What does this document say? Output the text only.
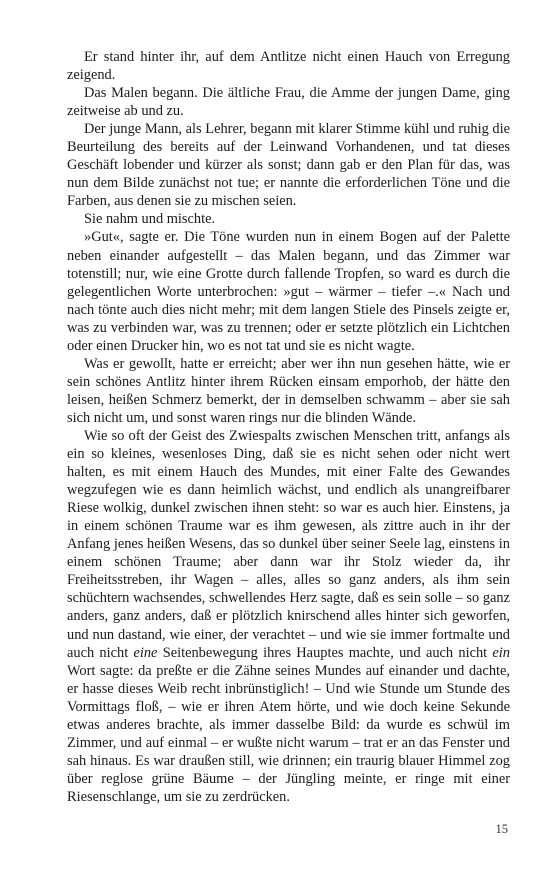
Er stand hinter ihr, auf dem Antlitze nicht einen Hauch von Erregung zeigend.

Das Malen begann. Die ältliche Frau, die Amme der jungen Dame, ging zeitweise ab und zu.

Der junge Mann, als Lehrer, begann mit klarer Stimme kühl und ruhig die Beurteilung des bereits auf der Leinwand Vorhandenen, und tat dieses Geschäft lobender und kürzer als sonst; dann gab er den Plan für das, was nun dem Bilde zunächst not tue; er nannte die erforderlichen Töne und die Farben, aus denen sie zu mischen seien.

Sie nahm und mischte.

»Gut«, sagte er. Die Töne wurden nun in einem Bogen auf der Palette neben einander aufgestellt – das Malen begann, und das Zimmer war totenstill; nur, wie eine Grotte durch fallende Tropfen, so ward es durch die gelegentlichen Worte unterbrochen: »gut – wärmer – tiefer –.« Nach und nach tönte auch dies nicht mehr; mit dem langen Stiele des Pinsels zeigte er, was zu verbinden war, was zu trennen; oder er setzte plötzlich ein Lichtchen oder einen Drucker hin, wo es not tat und sie es nicht wagte.

Was er gewollt, hatte er erreicht; aber wer ihn nun gesehen hätte, wie er sein schönes Antlitz hinter ihrem Rücken einsam emporhob, der hätte den leisen, heißen Schmerz bemerkt, der in demselben schwamm – aber sie sah sich nicht um, und sonst waren rings nur die blinden Wände.

Wie so oft der Geist des Zwiespalts zwischen Menschen tritt, anfangs als ein so kleines, wesenloses Ding, daß sie es nicht sehen oder nicht wert halten, es mit einem Hauch des Mundes, mit einer Falte des Gewandes wegzufegen wie es dann heimlich wächst, und endlich als unangreifbarer Riese wolkig, dunkel zwischen ihnen steht: so war es auch hier. Einstens, ja in einem schönen Traume war es ihm gewesen, als zittre auch in ihr der Anfang jenes heißen Wesens, das so dunkel über seiner Seele lag, einstens in einem schönen Traume; aber dann war ihr Stolz wieder da, ihr Freiheitsstreben, ihr Wagen – alles, alles so ganz anders, als ihm sein schüchtern wachsendes, schwellendes Herz sagte, daß es sein solle – so ganz anders, ganz anders, daß er plötzlich knirschend alles hinter sich geworfen, und nun dastand, wie einer, der verachtet – und wie sie immer fortmalte und auch nicht eine Seitenbewegung ihres Hauptes machte, und auch nicht ein Wort sagte: da preßte er die Zähne seines Mundes auf einander und dachte, er hasse dieses Weib recht inbrünstiglich! – Und wie Stunde um Stunde des Vormittags floß, – wie er ihren Atem hörte, und wie doch keine Sekunde etwas anderes brachte, als immer dasselbe Bild: da wurde es schwül im Zimmer, und auf einmal – er wußte nicht warum – trat er an das Fenster und sah hinaus. Es war draußen still, wie drinnen; ein traurig blauer Himmel zog über reglose grüne Bäume – der Jüngling meinte, er ringe mit einer Riesenschlange, um sie zu zerdrücken.

15
